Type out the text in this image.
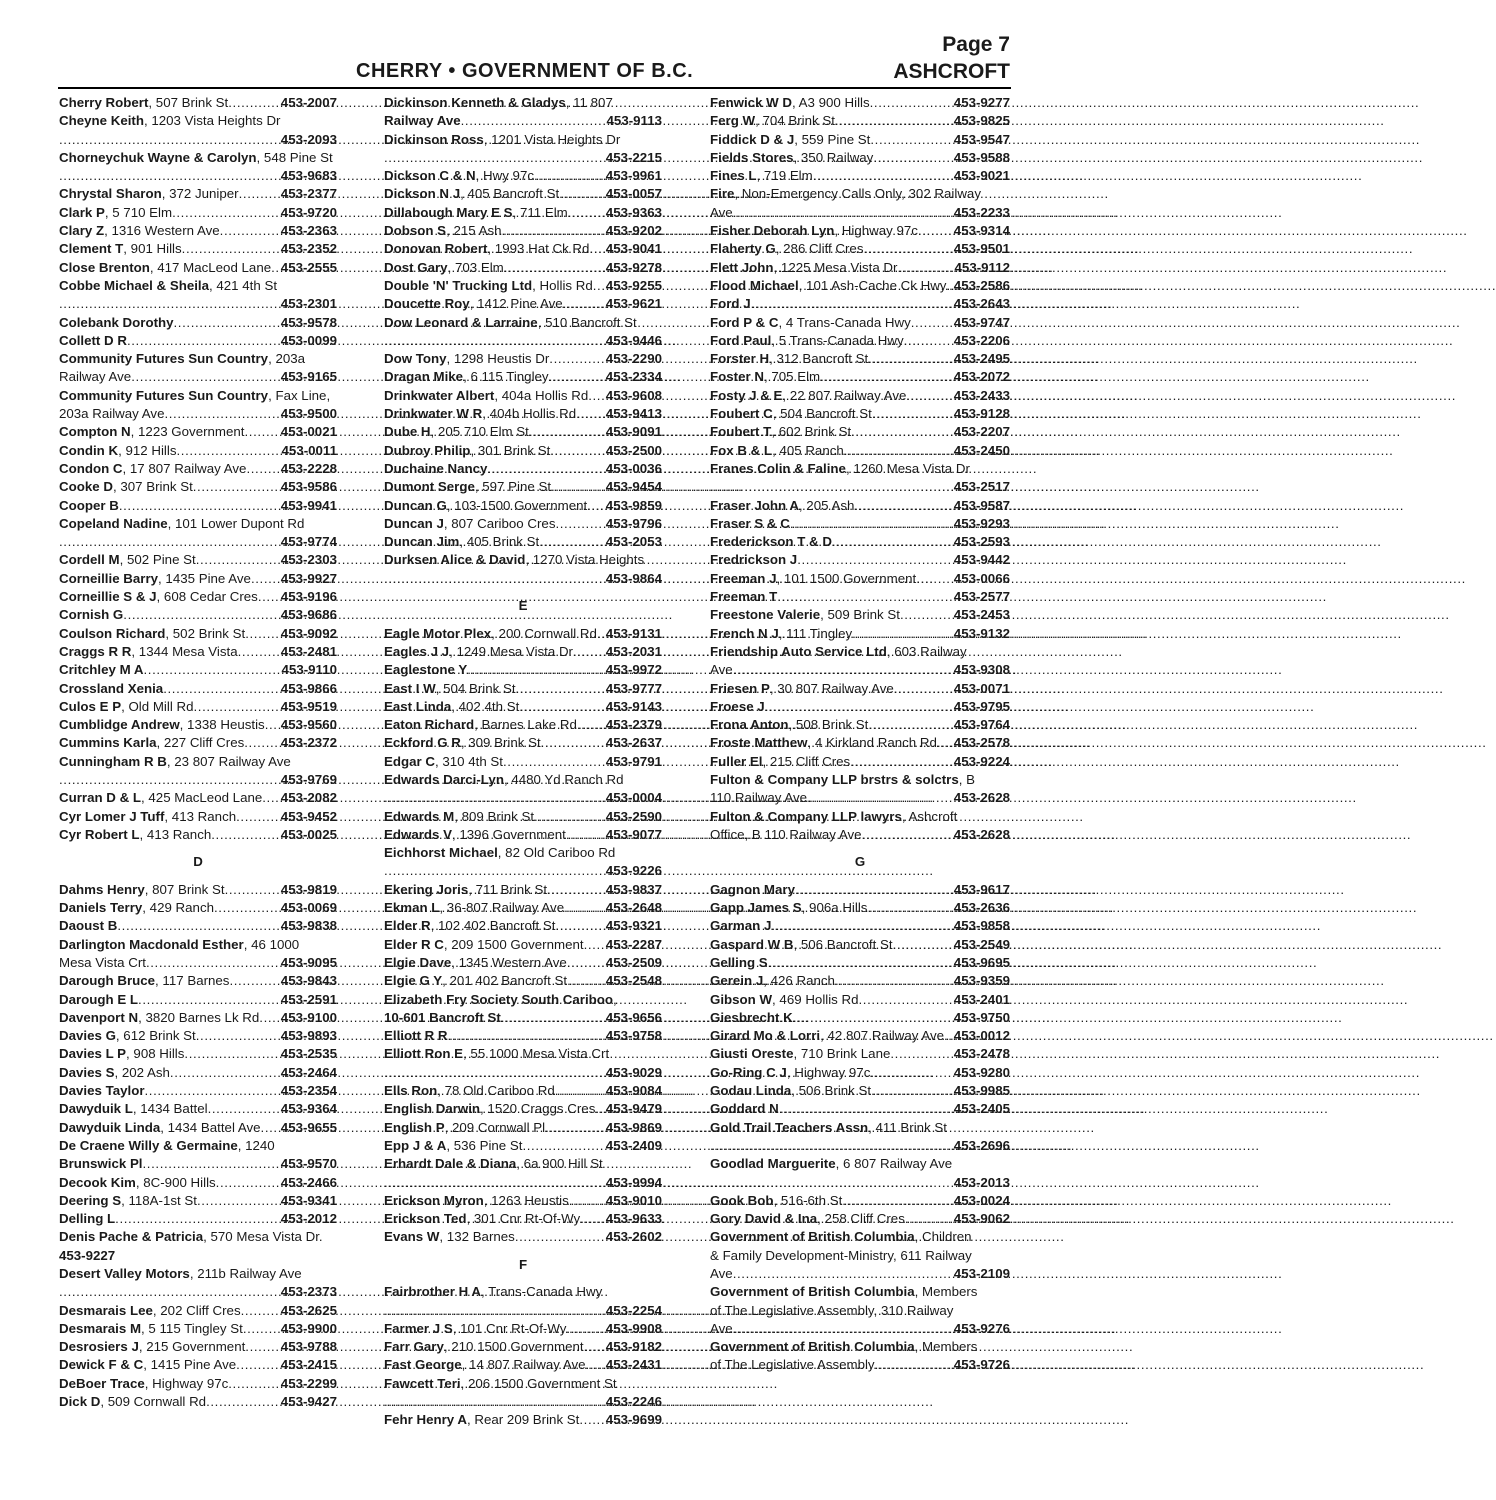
Page 7
CHERRY • GOVERNMENT OF B.C.	ASHCROFT
Cherry Robert, 507 Brink St .....	453-2007
Cheyne Keith, 1203 Vista Heights Dr
.....
453-2093
Chorneychuk Wayne & Carolyn, 548 Pine St
.....
453-9683
Chrystal Sharon, 372 Juniper .....	453-2377
Clark P, 5 710 Elm .....	453-9720
Clary Z, 1316 Western Ave .....	453-2363
Clement T, 901 Hills .....	453-2352
Close Brenton, 417 MacLeod Lane ..... 453-2555
Cobbe Michael & Sheila, 421 4th St
.....
453-2301
Colebank Dorothy .....	453-9578
Collett D R .....	453-0099
Community Futures Sun Country, 203a
Railway Ave .....	453-9165
Community Futures Sun Country, Fax Line,
203a Railway Ave .....	453-9500
Compton N, 1223 Government .....	453-0021
Condin K, 912 Hills .....	453-0011
Condon C, 17 807 Railway Ave .....	453-2228
Cooke D, 307 Brink St .....	453-9586
Cooper B .....	453-9941
Copeland Nadine, 101 Lower Dupont Rd
.....
453-9774
Cordell M, 502 Pine St .....	453-2303
Corneillie Barry, 1435 Pine Ave ..... 453-9927
Corneillie S & J, 608 Cedar Cres ..... 453-9196
Cornish G .....	453-9686
Coulson Richard, 502 Brink St .....	453-9092
Craggs R R, 1344 Mesa Vista .....	453-2481
Critchley M A .....	453-9110
Crossland Xenia .....	453-9866
Culos E P, Old Mill Rd .....	453-9519
Cumblidge Andrew, 1338 Heustis ..... 453-9560
Cummins Karla, 227 Cliff Cres .....	453-2372
Cunningham R B, 23 807 Railway Ave
.....
453-9769
Curran D & L, 425 MacLeod Lane ..... 453-2082
Cyr Lomer J Tuff, 413 Ranch .....	453-9452
Cyr Robert L, 413 Ranch .....	453-0025
D
Dahms Henry, 807 Brink St .....	453-9819
Daniels Terry, 429 Ranch .....	453-0069
Daoust B .....	453-9838
Darlington Macdonald Esther, 46 1000
Mesa Vista Crt .....	453-9095
Darough Bruce, 117 Barnes .....	453-9843
Darough E L .....	453-2591
Davenport N, 3820 Barnes Lk Rd ..... 453-9100
Davies G, 612 Brink St .....	453-9893
Davies L P, 908 Hills .....	453-2535
Davies S, 202 Ash .....	453-2464
Davies Taylor .....	453-2354
Dawyduik L, 1434 Battel .....	453-9364
Dawyduik Linda, 1434 Battel Ave ..... 453-9655
De Craene Willy & Germaine, 1240
Brunswick Pl .....	453-9570
Decook Kim, 8C-900 Hills .....	453-2466
Deering S, 118A-1st St .....	453-9341
Delling L .....	453-2012
Denis Pache & Patricia, 570 Mesa Vista Dr.
453-9227
Desert Valley Motors, 211b Railway Ave
.....
453-2373
Desmarais Lee, 202 Cliff Cres .....	453-2625
Desmarais M, 5 115 Tingley St .....	453-9900
Desrosiers J, 215 Government .....	453-9788
Dewick F & C, 1415 Pine Ave .....	453-2415
DeBoer Trace, Highway 97c .....	453-2299
Dick D, 509 Cornwall Rd .....	453-9427
Dickinson Kenneth & Gladys, 11 807
Railway Ave .....	453-9113
Dickinson Ross, 1201 Vista Heights Dr
.....
453-2215
Dickson C & N, Hwy 97c .....	453-9961
Dickson N J, 405 Bancroft St .....	453-0057
Dillabough Mary E S, 711 Elm .....	453-9363
Dobson S, 215 Ash .....	453-9202
Donovan Robert, 1993 Hat Ck Rd ..... 453-9041
Dost Gary, 703 Elm .....	453-9278
Double 'N' Trucking Ltd, Hollis Rd ..... 453-9255
Doucette Roy, 1412 Pine Ave .....	453-9621
Dow Leonard & Larraine, 510 Bancroft St
.....
453-9446
Dow Tony, 1298 Heustis Dr .....	453-2290
Dragan Mike, 6 115 Tingley .....	453-2334
Drinkwater Albert, 404a Hollis Rd ..... 453-9608
Drinkwater W R, 404b Hollis Rd ..... 453-9413
Dube H, 205 710 Elm St .....	453-9091
Dubroy Philip, 301 Brink St .....	453-2500
Duchaine Nancy .....	453-0036
Dumont Serge, 597 Pine St .....	453-9454
Duncan G, 103-1500 Government ..... 453-9859
Duncan J, 807 Cariboo Cres .....	453-9796
Duncan Jim, 405 Brink St .....	453-2053
Durksen Alice & David, 1270 Vista Heights
.....
453-9864
E
Eagle Motor Plex, 200 Cornwall Rd ..... 453-9131
Eagles J J, 1249 Mesa Vista Dr ..... 453-2031
Eaglestone Y .....	453-9972
East I W, 504 Brink St .....	453-9777
East Linda, 402 4th St .....	453-9143
Eaton Richard, Barnes Lake Rd ..... 453-2379
Eckford G R, 309 Brink St .....	453-2637
Edgar C, 310 4th St .....	453-9791
Edwards Darci-Lyn, 4480 Yd Ranch Rd
.....
453-0004
Edwards M, 809 Brink St .....	453-2590
Edwards V, 1396 Government .....	453-9077
Eichhorst Michael, 82 Old Cariboo Rd
.....
453-9226
Ekering Joris, 711 Brink St .....	453-9837
Ekman L, 36-807 Railway Ave .....	453-2648
Elder R, 102 402 Bancroft St .....	453-9321
Elder R C, 209 1500 Government ..... 453-2287
Elgie Dave, 1345 Western Ave .....	453-2509
Elgie G Y, 201 402 Bancroft St .....	453-2548
Elizabeth Fry Society South Cariboo,
10-601 Bancroft St .....	453-9656
Elliott R R .....	453-9758
Elliott Ron E, 55 1000 Mesa Vista Crt
.....
453-9029
Ells Ron, 78 Old Cariboo Rd .....	453-9084
English Darwin, 1520 Craggs Cres ..... 453-9479
English P, 209 Cornwall Pl .....	453-9869
Epp J & A, 536 Pine St .....	453-2409
Erhardt Dale & Diana, 6a 900 Hill St
.....
453-9994
Erickson Myron, 1263 Heustis .....	453-9010
Erickson Ted, 301 Cnr Rt-Of-Wy ..... 453-9633
Evans W, 132 Barnes .....	453-2602
F
Fairbrother H A, Trans-Canada Hwy
.....
453-2254
Farmer J S, 101 Cnr Rt-Of-Wy .....	453-9908
Farr Gary, 210 1500 Government ..... 453-9182
Fast George, 14 807 Railway Ave ..... 453-2431
Fawcett Teri, 206 1500 Government St
.....
453-2246
Fehr Henry A, Rear 209 Brink St ..... 453-9699
Fenwick W D, A3 900 Hills .....	453-9277
Ferg W, 704 Brink St .....	453-9825
Fiddick D & J, 559 Pine St .....	453-9547
Fields Stores, 350 Railway .....	453-9588
Fines L, 719 Elm .....	453-9021
Fire, Non-Emergency Calls Only, 302 Railway
Ave .....	453-2233
Fisher Deborah Lyn, Highway 97c .....	453-9314
Flaherty G, 286 Cliff Cres .....	453-9501
Flett John, 1225 Mesa Vista Dr .....	453-9112
Flood Michael, 101 Ash-Cache Ck Hwy ..... 453-2586
Ford J .....	453-2643
Ford P & C, 4 Trans-Canada Hwy .....	453-9747
Ford Paul, 5 Trans-Canada Hwy .....	453-2206
Forster H, 312 Bancroft St .....	453-2495
Foster N, 705 Elm .....	453-2072
Fosty J & E, 22 807 Railway Ave .....	453-2433
Foubert C, 504 Bancroft St .....	453-9128
Foubert T, 602 Brink St .....	453-2207
Fox B & L, 405 Ranch .....	453-2450
Franes Colin & Faline, 1260 Mesa Vista Dr
.....
453-2517
Fraser John A, 205 Ash .....	453-9587
Fraser S & C .....	453-9293
Frederickson T & D .....	453-2593
Fredrickson J .....	453-9442
Freeman J, 101 1500 Government .....	453-0066
Freeman T .....	453-2577
Freestone Valerie, 509 Brink St .....	453-2453
French N J, 111 Tingley .....	453-9132
Friendship Auto Service Ltd, 603 Railway
Ave .....	453-9308
Friesen P, 30 807 Railway Ave .....	453-0071
Froese J .....	453-9795
Frona Anton, 508 Brink St .....	453-9764
Froste Matthew, 4 Kirkland Ranch Rd ..... 453-2578
Fuller El, 215 Cliff Cres .....	453-9224
Fulton & Company LLP brstrs & solctrs, B
110 Railway Ave .....	453-2628
Fulton & Company LLP lawyrs, Ashcroft
Office, B 110 Railway Ave .....	453-2628
G
Gagnon Mary .....	453-9617
Gapp James S, 906a Hills .....	453-2636
Garman J .....	453-9858
Gaspard W B, 506 Bancroft St .....	453-2549
Gelling S .....	453-9695
Gerein J, 426 Ranch .....	453-9359
Gibson W, 469 Hollis Rd .....	453-2401
Giesbrecht K .....	453-9750
Girard Mo & Lorri, 42 807 Railway Ave ..... 453-0012
Giusti Oreste, 710 Brink Lane .....	453-2478
Go-Ring C J, Highway 97c .....	453-9280
Godau Linda, 506 Brink St .....	453-9985
Goddard N .....	453-2405
Gold Trail Teachers Assn, 411 Brink St
.....
453-2696
Goodlad Marguerite, 6 807 Railway Ave
.....
453-2013
Gook Bob, 516-6th St .....	453-0024
Gory David & Ina, 258 Cliff Cres .....	453-9062
Government of British Columbia, Children
& Family Development-Ministry, 611 Railway
Ave .....	453-2109
Government of British Columbia, Members
of The Legislative Assembly, 310 Railway
Ave .....	453-9276
Government of British Columbia, Members
of The Legislative Assembly .....	453-9726
